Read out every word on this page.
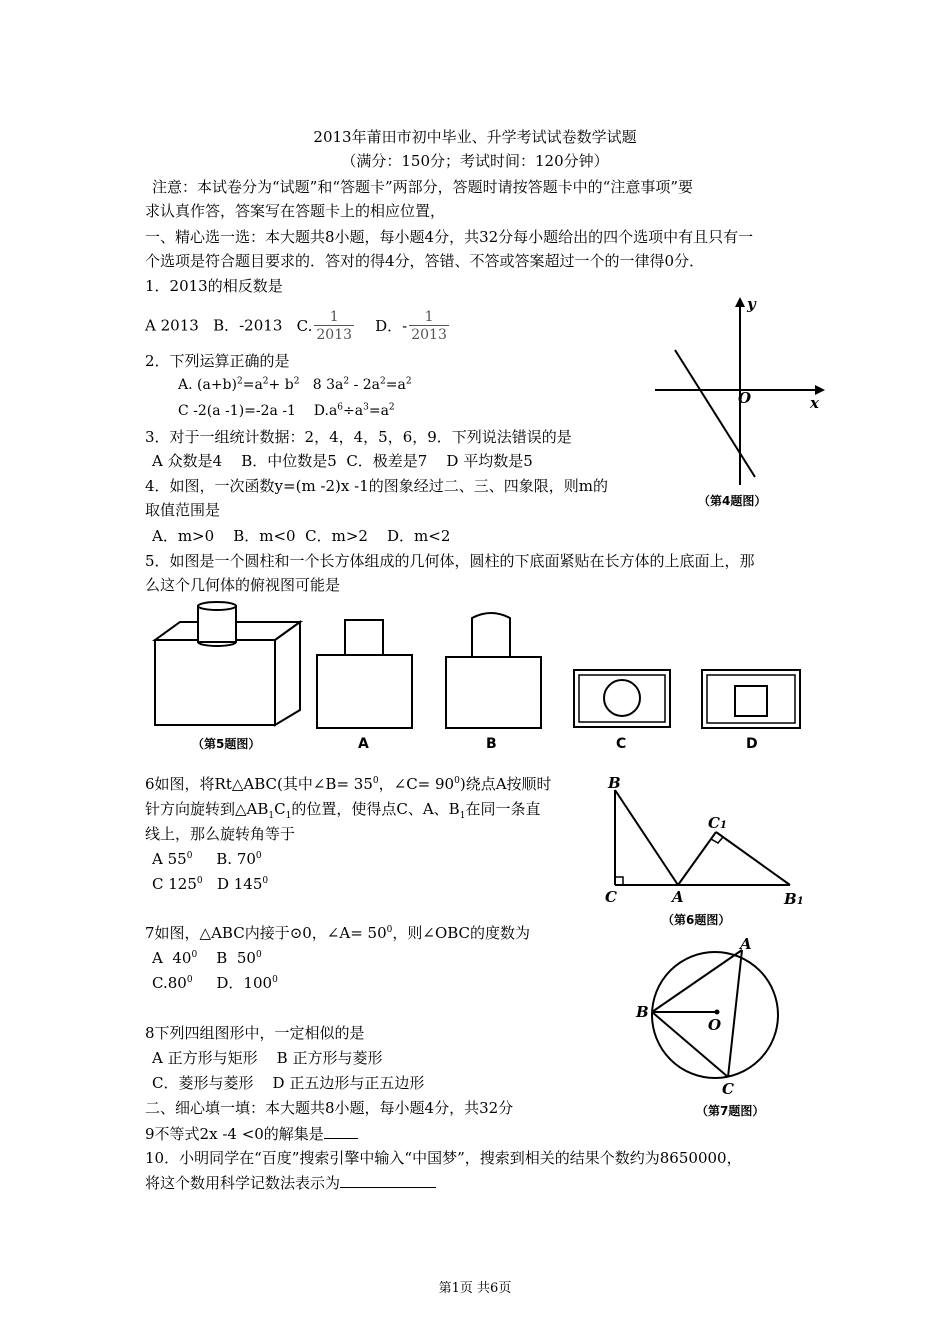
2013年莆田市初中毕业、升学考试试卷数学试题
（满分：150分；考试时间：120分钟）
注意：本试卷分为“试题”和“答题卡”两部分，答题时请按答题卡中的“注意事项”要
求认真作答，答案写在答题卡上的相应位置，
一、精心选一选：本大题共8小题，每小题4分，共32分每小题给出的四个选项中有且只有一
个选项是符合题目要求的．答对的得4分，答错、不答或答案超过一个的一律得0分．
1．2013的相反数是
A 2013 B．-2013 C. $\frac{1}{2013}$ D．- $\frac{1}{2013}$
2．下列运算正确的是
A. $(a+b)^2=a^2+ b^2$   8 $3a^2 - 2a^2=a^2$
C -2(a -1)=-2a -1    $D.a^6\div a^3=a^2$
3．对于一组统计数据：2，4，4，5，6，9．下列说法错误的是
A 众数是4    B．中位数是5  C．极差是7    D 平均数是5
4．如图，一次函数y=(m -2)x -1的图象经过二、三、四象限，则m的
取值范围是
A．m>0    B．m<0  C．m>2    D．m<2
y
x
O
（第4题图）
5．如图是一个圆柱和一个长方体组成的几何体，圆柱的下底面紧贴在长方体的上底面上，那
么这个几何体的俯视图可能是
（第5题图）	A	B	C	D
6如图，将Rt△ABC(其中∠B= $35^0$，∠C= $90^0$)绕点A按顺时
针方向旋转到$\triangle AB_1C_1$的位置，使得点C、A、$B_1$在同一条直
线上，那么旋转角等于
A $55^0$ B. $70^0$
C $125^0$ D $145^0$
B
C	A
C1
B1
（第6题图）
7如图，△ABC内接于⊙0，∠A= $50^0$，则∠OBC的度数为
A  $40^0$ B  $50^0$
$C.80^0$ D．$100^0$
A
B
C
O
（第7题图）
8下列四组图形中，一定相似的是
A 正方形与矩形    B 正方形与菱形
C．菱形与菱形    D 正五边形与正五边形
二、细心填一填：本大题共8小题，每小题4分，共32分
9不等式2x -4 <0的解集是
10．小明同学在“百度”搜索引擎中输入“中国梦”，搜索到相关的结果个数约为8650000，
将这个数用科学记数法表示为
第1页 共6页
